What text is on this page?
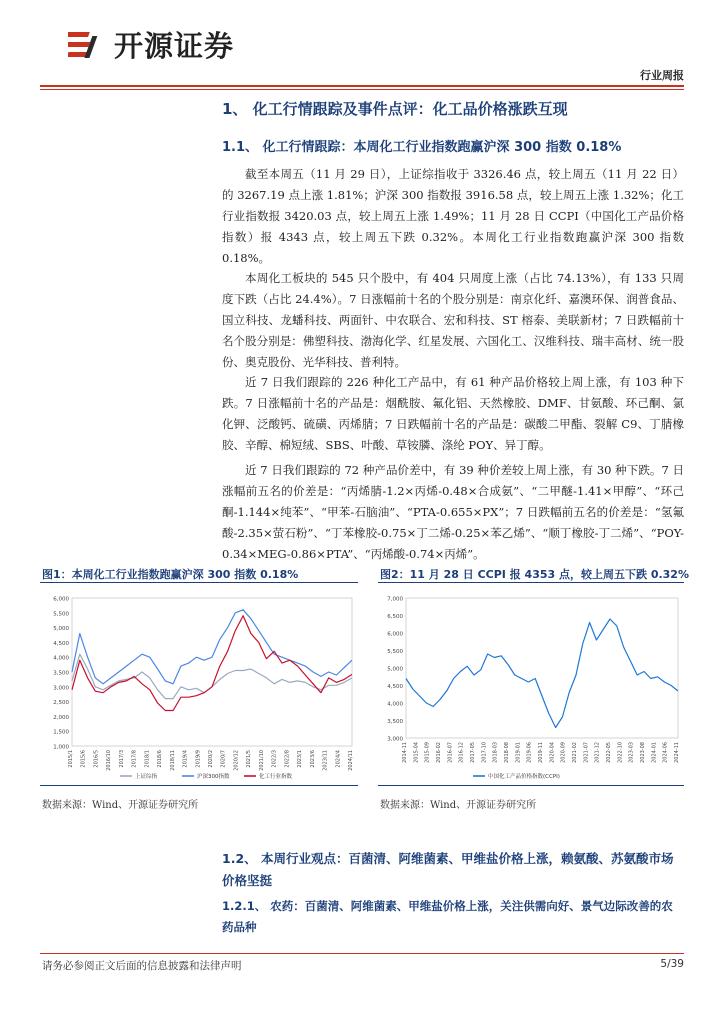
开源证券
行业周报
1、 化工行情跟踪及事件点评：化工品价格涨跌互现
1.1、 化工行情跟踪：本周化工行业指数跑赢沪深 300 指数 0.18%
截至本周五（11 月 29 日），上证综指收于 3326.46 点，较上周五（11 月 22 日）的 3267.19 点上涨 1.81%；沪深 300 指数报 3916.58 点，较上周五上涨 1.32%；化工行业指数报 3420.03 点，较上周五上涨 1.49%；11 月 28 日 CCPI（中国化工产品价格指数）报 4343 点，较上周五下跌 0.32%。本周化工行业指数跑赢沪深 300 指数 0.18%。
本周化工板块的 545 只个股中，有 404 只周度上涨（占比 74.13%），有 133 只周度下跌（占比 24.4%）。7 日涨幅前十名的个股分别是：南京化纤、嘉澳环保、润普食品、国立科技、龙蟠科技、两面针、中农联合、宏和科技、ST 榕泰、美联新材；7 日跌幅前十名个股分别是：佛塑科技、渤海化学、红星发展、六国化工、汉维科技、瑞丰高材、统一股份、奥克股份、光华科技、普利特。
近 7 日我们跟踪的 226 种化工产品中，有 61 种产品价格较上周上涨，有 103 种下跌。7 日涨幅前十名的产品是：烟酰胺、氟化铝、天然橡胶、DMF、甘氨酸、环己酮、氯化钾、泛酸钙、硫磺、丙烯腈；7 日跌幅前十名的产品是：碳酸二甲酯、裂解 C9、丁腈橡胶、辛醇、棉短绒、SBS、叶酸、草铵膦、涤纶 POY、异丁醇。
近 7 日我们跟踪的 72 种产品价差中，有 39 种价差较上周上涨，有 30 种下跌。7 日涨幅前五名的价差是：“丙烯腈-1.2×丙烯-0.48×合成氨”、“二甲醚-1.41×甲醇”、“环己酮-1.144×纯苯”、“甲苯-石脑油”、“PTA-0.655×PX”；7 日跌幅前五名的价差是：“氢氟酸-2.35×萤石粉”、“丁苯橡胶-0.75×丁二烯-0.25×苯乙烯”、“顺丁橡胶-丁二烯”、“POY-0.34×MEG-0.86×PTA”、“丙烯酸-0.74×丙烯”。
图1：本周化工行业指数跑赢沪深 300 指数 0.18%	图2：11 月 28 日 CCPI 报 4353 点，较上周五下跌 0.32%
6,000
5,500
5,000
4,500
4,000
3,500
3,000
2,500
2,000
1,500
1,000
2015/1 2015/6 2016/5 2016/10 2017/3 2017/8 2018/1 2018/6 2018/11 2019/4 2019/9 2020/2 2020/7 2020/12 2021/5 2021/10 2022/3 2022/8 2023/1 2023/6 2023/11 2024/4 2024/11
上证综指	沪深300指数	化工行业指数
7,000
6,500
6,000
5,500
5,000
4,500
4,000
3,500
3,000
2014-11 2015-04 2015-09 2016-02 2016-07 2016-12 2017-05 2017-10 2018-03 2018-08 2019-01 2019-06 2019-11 2020-04 2020-09 2021-02 2021-07 2021-12 2022-05 2022-10 2023-03 2023-08 2024-01 2024-06 2024-11
中国化工产品价格指数(CCPI)
数据来源：Wind、开源证券研究所	数据来源：Wind、开源证券研究所
1.2、 本周行业观点：百菌清、阿维菌素、甲维盐价格上涨，赖氨酸、苏氨酸市场价格坚挺
1.2.1、 农药：百菌清、阿维菌素、甲维盐价格上涨，关注供需向好、景气边际改善的农药品种
请务必参阅正文后面的信息披露和法律声明	5/39
